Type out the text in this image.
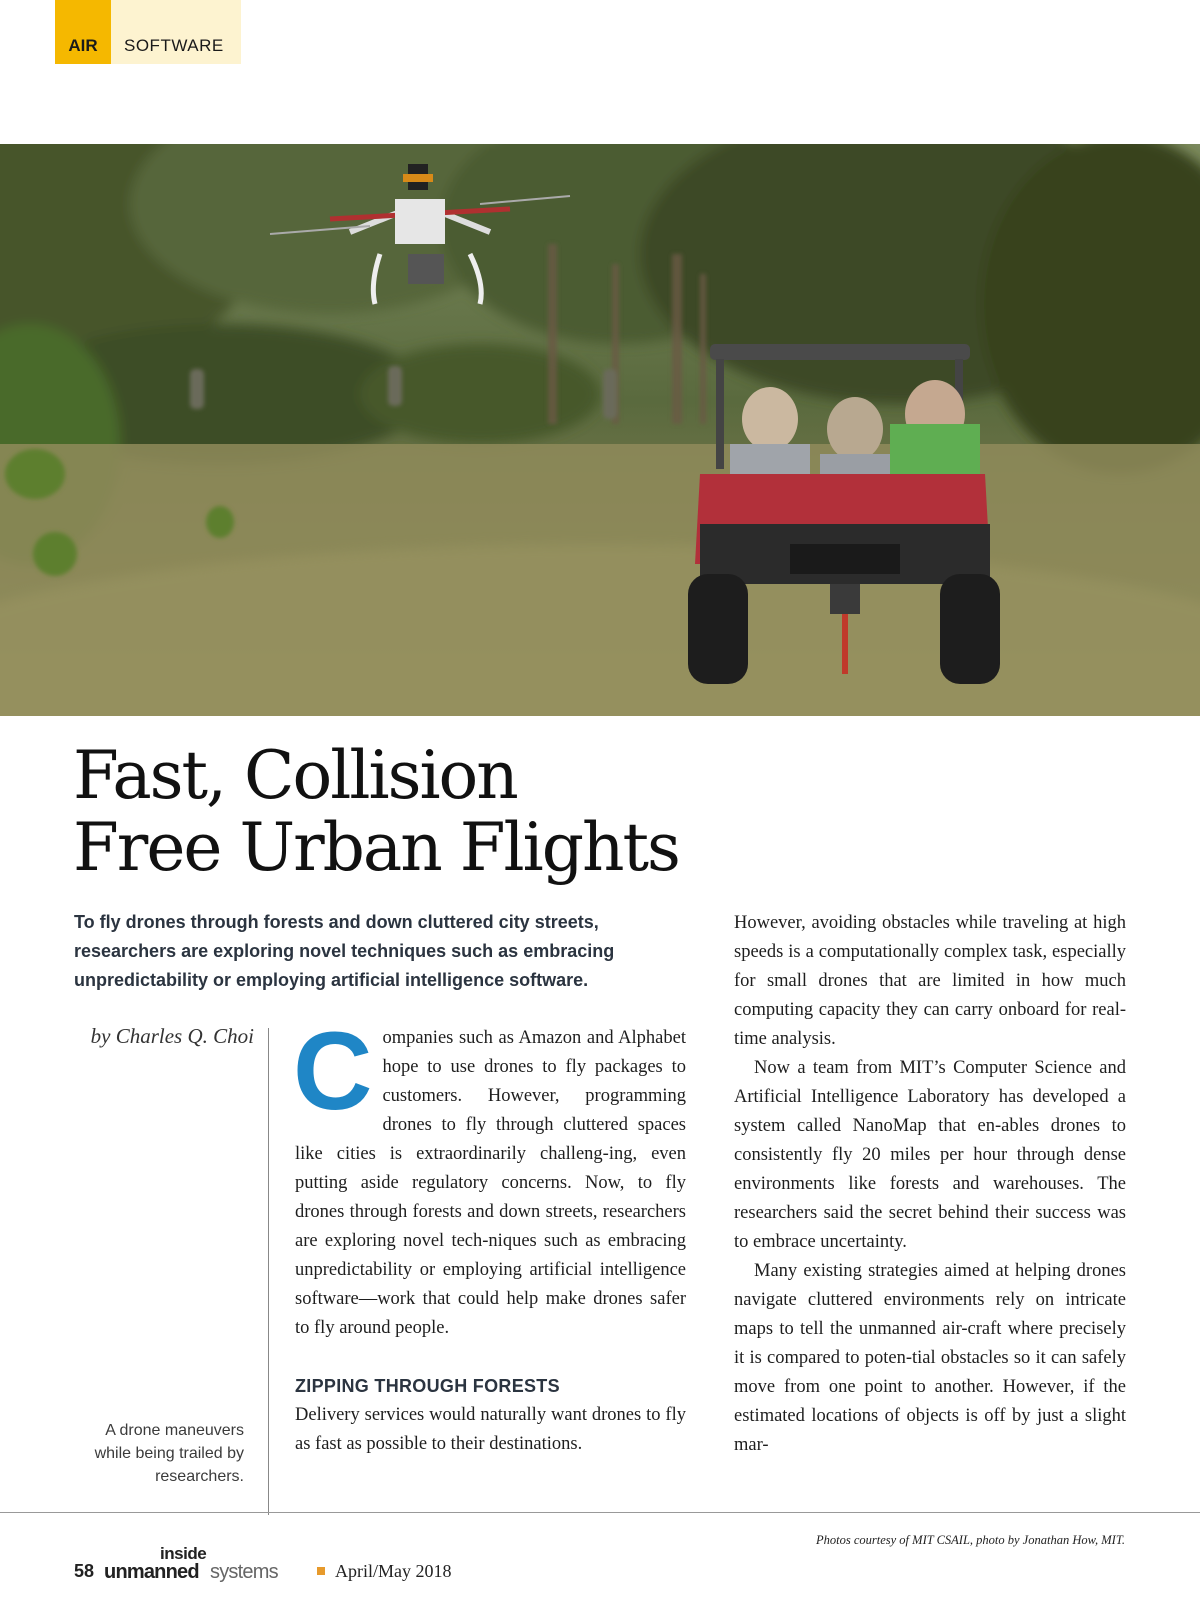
AIR	SOFTWARE
Fast, Collision
Free Urban Flights

To fly drones through forests and down cluttered city streets, researchers are exploring novel techniques such as embracing unpredictability or employing artificial intelligence software.

by Charles Q. Choi
A drone maneuvers while being trailed by researchers.

Companies such as Amazon and Alphabet hope to use drones to fly packages to customers. However, programming drones to fly through cluttered spaces like cities is extraordinarily challeng-ing, even putting aside regulatory concerns. Now, to fly drones through forests and down streets, researchers are exploring novel tech-niques such as embracing unpredictability or employing artificial intelligence software—work that could help make drones safer to fly around people.

ZIPPING THROUGH FORESTS

Delivery services would naturally want drones to fly as fast as possible to their destinations.

However, avoiding obstacles while traveling at high speeds is a computationally complex task, especially for small drones that are limited in how much computing capacity they can carry onboard for real-time analysis.

Now a team from MIT’s Computer Science and Artificial Intelligence Laboratory has developed a system called NanoMap that en-ables drones to consistently fly 20 miles per hour through dense environments like forests and warehouses. The researchers said the secret behind their success was to embrace uncertainty.

Many existing strategies aimed at helping drones navigate cluttered environments rely on intricate maps to tell the unmanned air-craft where precisely it is compared to poten-tial obstacles so it can safely move from one point to another. However, if the estimated locations of objects is off by just a slight mar-

Photos courtesy of MIT CSAIL, photo by Jonathan How, MIT.
58
inside
unmanned systems	April/May 2018
